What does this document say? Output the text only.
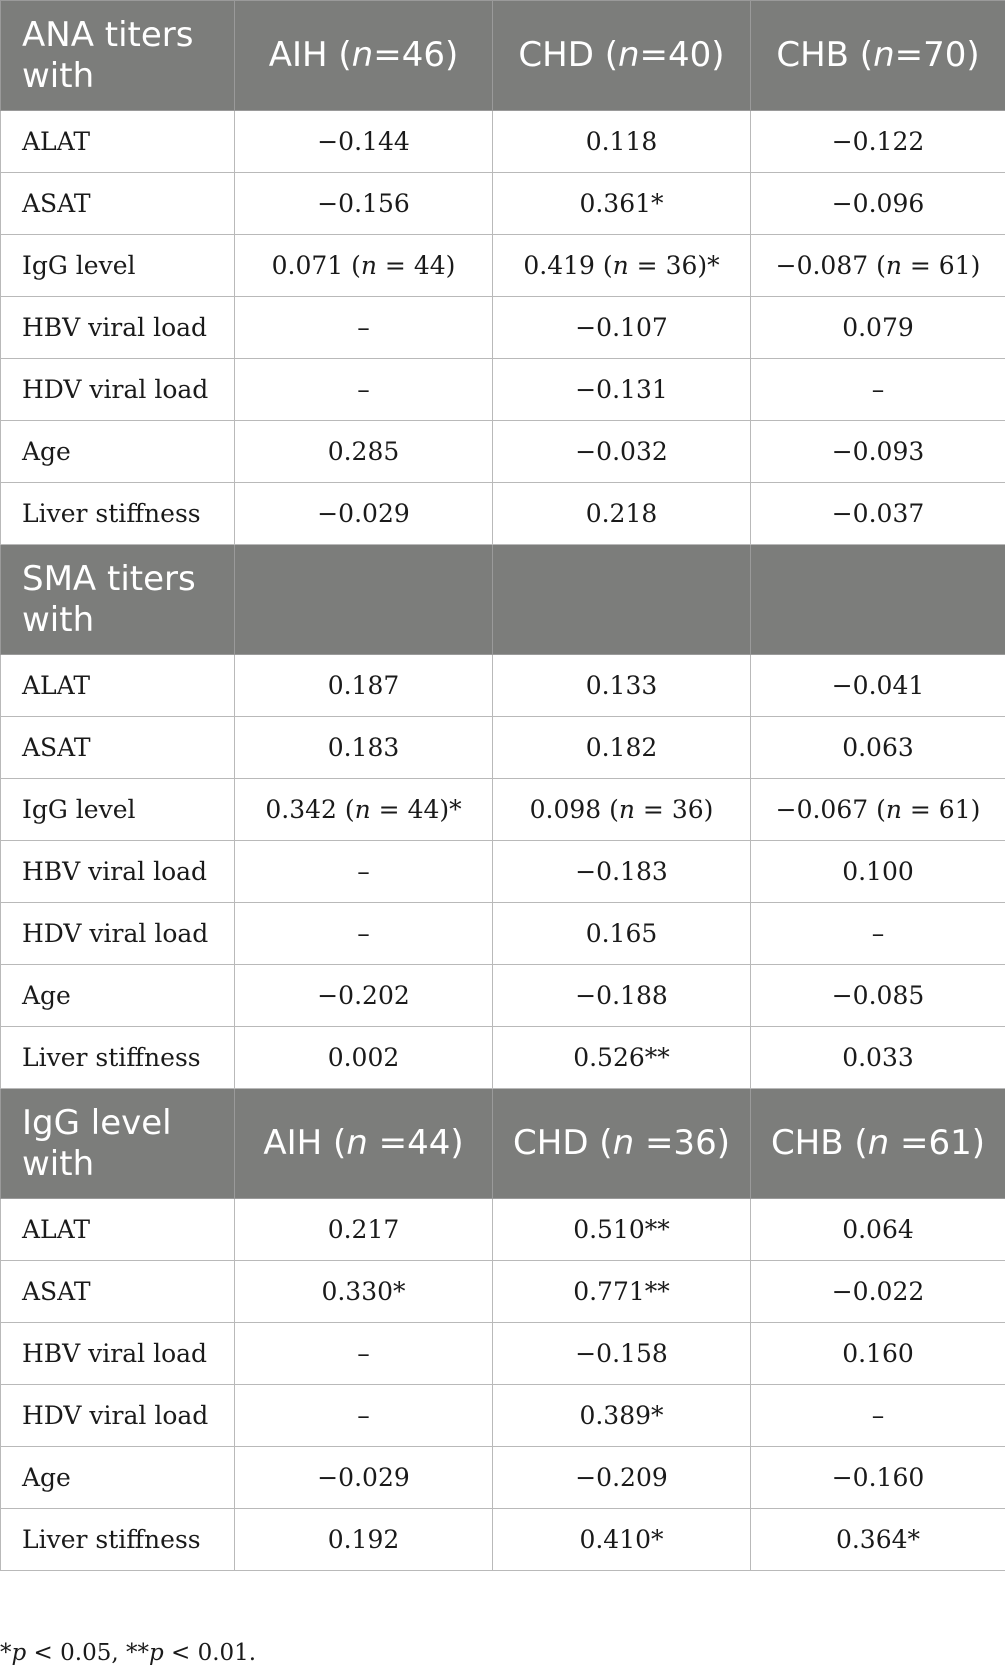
ANA titers with	AIH (n=46)	CHD (n=40)	CHB (n=70)
ALAT	−0.144	0.118	−0.122
ASAT	−0.156	0.361*	−0.096
IgG level	0.071 (n = 44)	0.419 (n = 36)*	−0.087 (n = 61)
HBV viral load	–	−0.107	0.079
HDV viral load	–	−0.131	–
Age	0.285	−0.032	−0.093
Liver stiffness	−0.029	0.218	−0.037
SMA titers with			
ALAT	0.187	0.133	−0.041
ASAT	0.183	0.182	0.063
IgG level	0.342 (n = 44)*	0.098 (n = 36)	−0.067 (n = 61)
HBV viral load	–	−0.183	0.100
HDV viral load	–	0.165	–
Age	−0.202	−0.188	−0.085
Liver stiffness	0.002	0.526**	0.033
IgG level with	AIH (n =44)	CHD (n =36)	CHB (n =61)
ALAT	0.217	0.510**	0.064
ASAT	0.330*	0.771**	−0.022
HBV viral load	–	−0.158	0.160
HDV viral load	–	0.389*	–
Age	−0.029	−0.209	−0.160
Liver stiffness	0.192	0.410*	0.364*
*p < 0.05, **p < 0.01.
